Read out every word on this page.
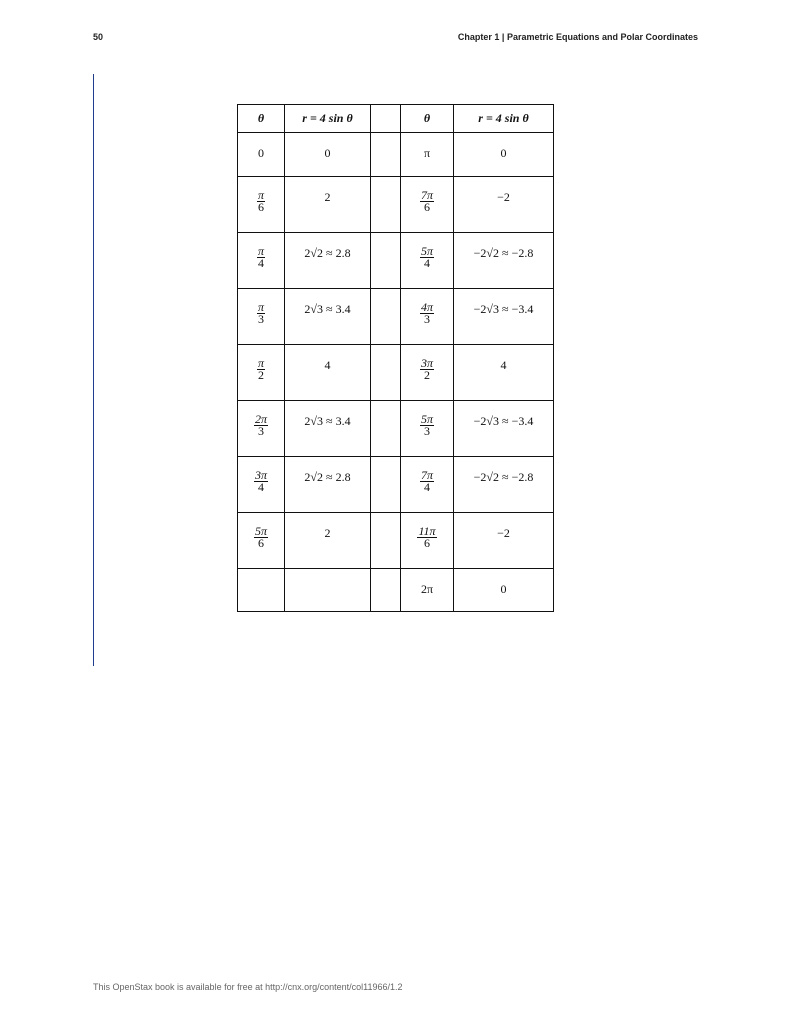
50	Chapter 1 | Parametric Equations and Polar Coordinates
θ	r = 4 sin θ		θ	r = 4 sin θ
0	0		π	0

$\frac{\pi}{6}$	2		$\frac{7\pi}{6}$	−2

$\frac{\pi}{4}$	2√2 ≈ 2.8		$\frac{5\pi}{4}$	−2√2 ≈ −2.8

$\frac{\pi}{3}$	2√3 ≈ 3.4		$\frac{4\pi}{3}$	−2√3 ≈ −3.4

$\frac{\pi}{2}$	4		$\frac{3\pi}{2}$	4

$\frac{2\pi}{3}$	2√3 ≈ 3.4		$\frac{5\pi}{3}$	−2√3 ≈ −3.4

$\frac{3\pi}{4}$	2√2 ≈ 2.8		$\frac{7\pi}{4}$	−2√2 ≈ −2.8

$\frac{5\pi}{6}$	2		$\frac{11\pi}{6}$	−2
			2π	0
This OpenStax book is available for free at http://cnx.org/content/col11966/1.2
